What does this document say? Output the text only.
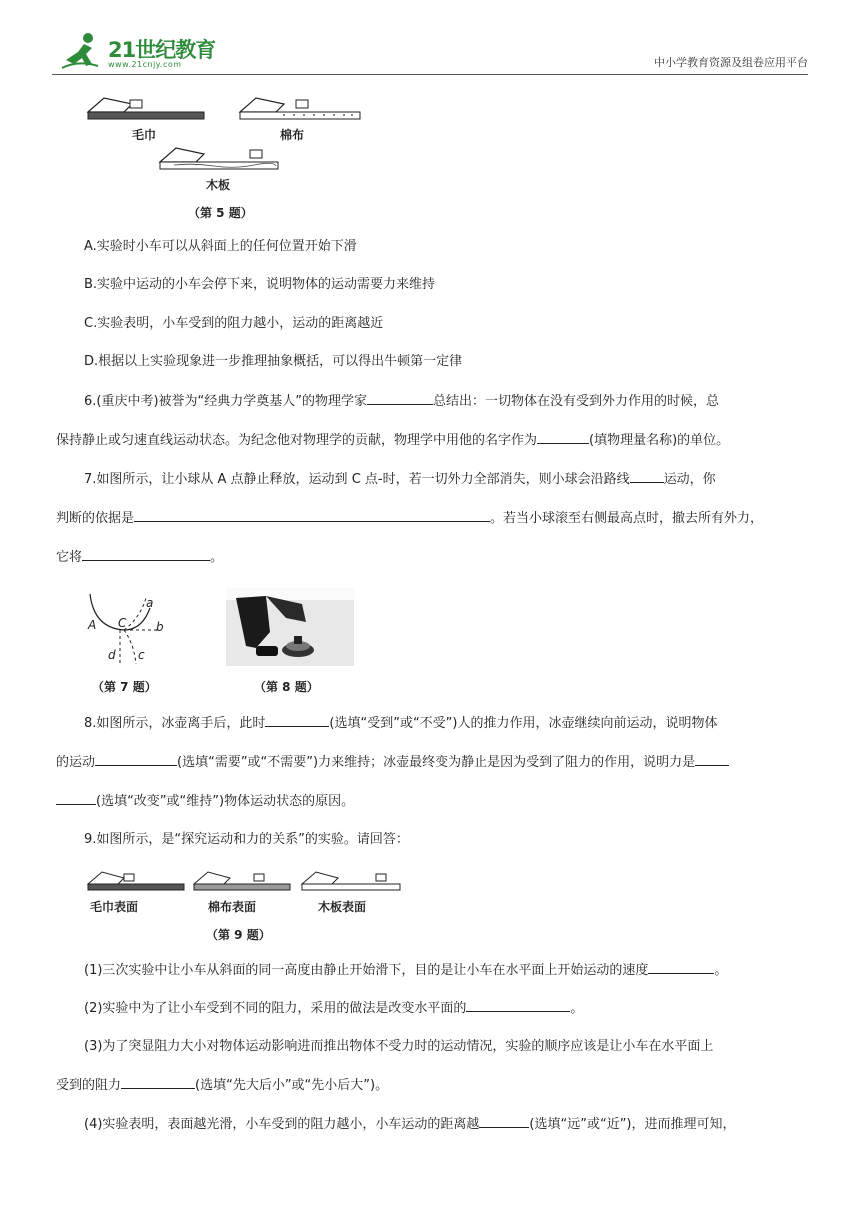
21世纪教育
www.21cnjy.com	中小学教育资源及组卷应用平台
毛巾	棉布
木板
（第 5 题）
A.实验时小车可以从斜面上的任何位置开始下滑
B.实验中运动的小车会停下来，说明物体的运动需要力来维持
C.实验表明，小车受到的阻力越小，运动的距离越近
D.根据以上实验现象进一步推理抽象概括，可以得出牛顿第一定律
6.(重庆中考)被誉为“经典力学奠基人”的物理学家	总结出：一切物体在没有受到外力作用的时候，总
保持静止或匀速直线运动状态。为纪念他对物理学的贡献，物理学中用他的名字作为	(填物理量名称)的单位。
7.如图所示，让小球从 A 点静止释放，运动到 C 点-时，若一切外力全部消失，则小球会沿路线	运动，你
判断的依据是	。若当小球滚至右侧最高点时，撤去所有外力，
它将	。
A C
a
b
d c
（第 7 题）	（第 8 题）
8.如图所示，冰壶离手后，此时	(选填“受到”或“不受”)人的推力作用，冰壶继续向前运动，说明物体
的运动	(选填“需要”或“不需要”)力来维持；冰壶最终变为静止是因为受到了阻力的作用，说明力是
(选填“改变”或“维持”)物体运动状态的原因。
9.如图所示，是“探究运动和力的关系”的实验。请回答：
毛巾表面	棉布表面	木板表面
（第 9 题）
(1)三次实验中让小车从斜面的同一高度由静止开始滑下，目的是让小车在水平面上开始运动的速度	。
(2)实验中为了让小车受到不同的阻力，采用的做法是改变水平面的	。
(3)为了突显阻力大小对物体运动影响进而推出物体不受力时的运动情况，实验的顺序应该是让小车在水平面上
受到的阻力	(选填“先大后小”或“先小后大”)。
(4)实验表明，表面越光滑，小车受到的阻力越小，小车运动的距离越	(选填“远”或“近”)，进而推理可知，
